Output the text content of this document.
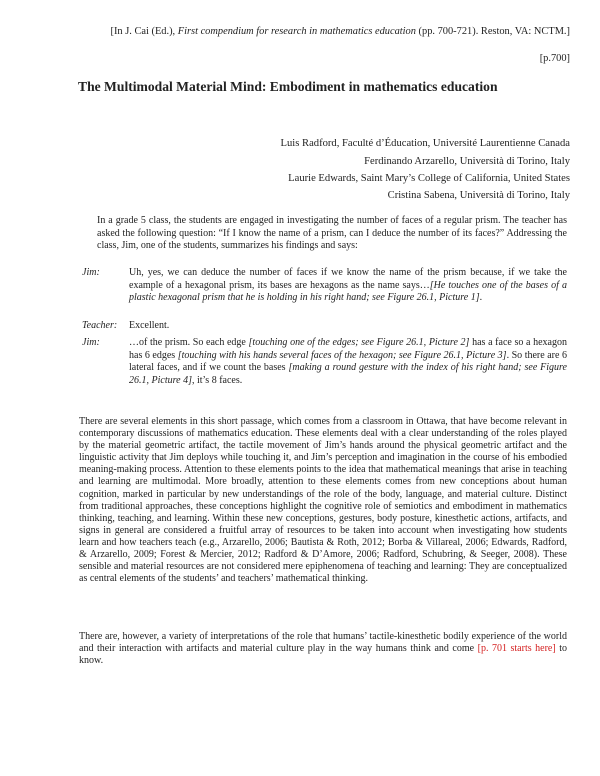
[In J. Cai (Ed.), First compendium for research in mathematics education (pp. 700-721). Reston, VA: NCTM.]
[p.700]
The Multimodal Material Mind: Embodiment in mathematics education
Luis Radford, Faculté d’Éducation, Université Laurentienne Canada
Ferdinando Arzarello, Università di Torino, Italy
Laurie Edwards, Saint Mary’s College of California, United States
Cristina Sabena, Università di Torino, Italy
In a grade 5 class, the students are engaged in investigating the number of faces of a regular prism. The teacher has asked the following question: “If I know the name of a prism, can I deduce the number of its faces?” Addressing the class, Jim, one of the students, summarizes his findings and says:
Jim:	Uh, yes, we can deduce the number of faces if we know the name of the prism because, if we take the example of a hexagonal prism, its bases are hexagons as the name says…[He touches one of the bases of a plastic hexagonal prism that he is holding in his right hand; see Figure 26.1, Picture 1].
Teacher: Excellent.
Jim:	…of the prism. So each edge [touching one of the edges; see Figure 26.1, Picture 2] has a face so a hexagon has 6 edges [touching with his hands several faces of the hexagon; see Figure 26.1, Picture 3]. So there are 6 lateral faces, and if we count the bases [making a round gesture with the index of his right hand; see Figure 26.1, Picture 4], it’s 8 faces.
There are several elements in this short passage, which comes from a classroom in Ottawa, that have become relevant in contemporary discussions of mathematics education. These elements deal with a clear understanding of the roles played by the material geometric artifact, the tactile movement of Jim’s hands around the physical geometric artifact and the linguistic activity that Jim deploys while touching it, and Jim’s perception and imagination in the course of his embodied meaning-making process. Attention to these elements points to the idea that mathematical meanings that arise in teaching and learning are multimodal. More broadly, attention to these elements comes from new conceptions about human cognition, marked in particular by new understandings of the role of the body, language, and material culture. Distinct from traditional approaches, these conceptions highlight the cognitive role of semiotics and embodiment in mathematics thinking, teaching, and learning. Within these new conceptions, gestures, body posture, kinesthetic actions, artifacts, and signs in general are considered a fruitful array of resources to be taken into account when investigating how students learn and how teachers teach (e.g., Arzarello, 2006; Bautista & Roth, 2012; Borba & Villareal, 2006; Edwards, Radford, & Arzarello, 2009; Forest & Mercier, 2012; Radford & D’Amore, 2006; Radford, Schubring, & Seeger, 2008). These sensible and material resources are not considered mere epiphenomena of teaching and learning: They are conceptualized as central elements of the students’ and teachers’ mathematical thinking.
There are, however, a variety of interpretations of the role that humans’ tactile-kinesthetic bodily experience of the world and their interaction with artifacts and material culture play in the way humans think and come [p. 701 starts here] to know.
